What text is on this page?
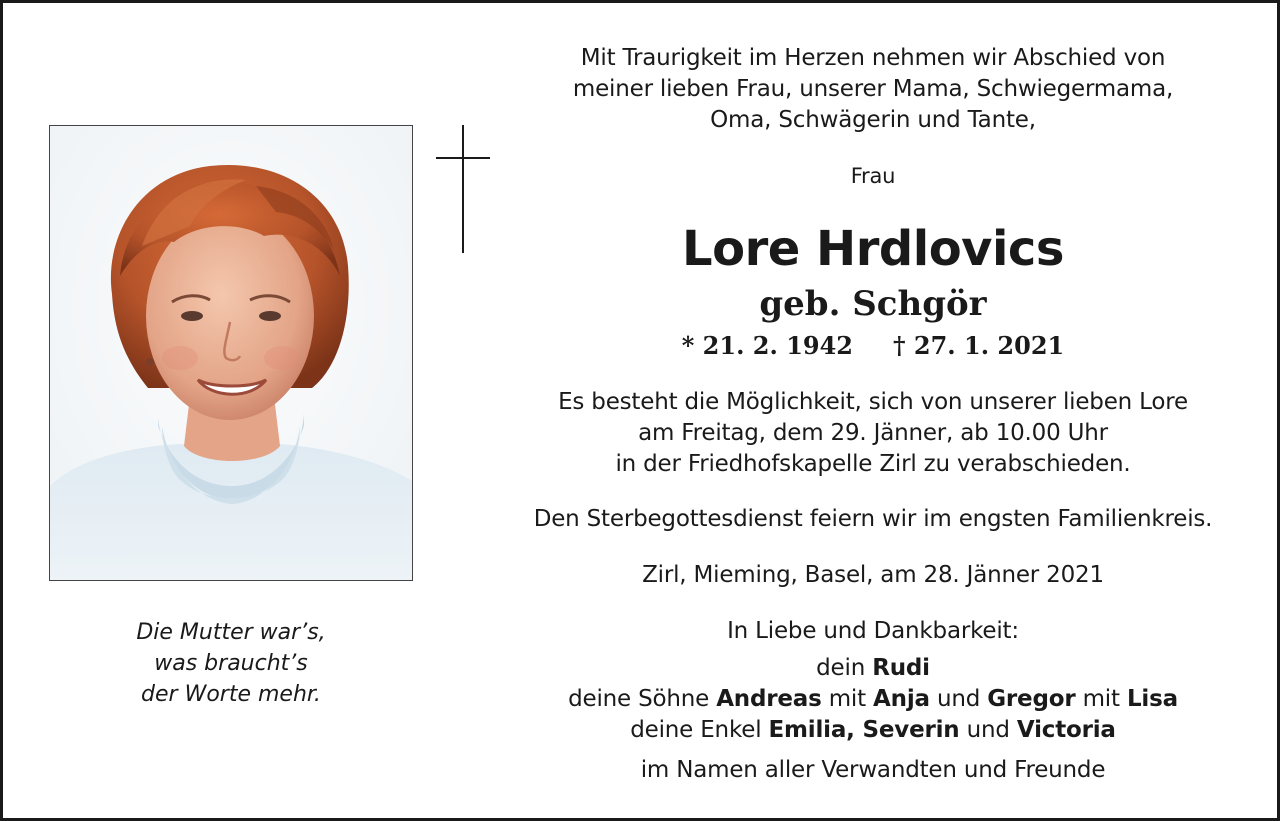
Mit Traurigkeit im Herzen nehmen wir Abschied von
meiner lieben Frau, unserer Mama, Schwiegermama,
Oma, Schwägerin und Tante,
Frau
Lore Hrdlovics
geb. Schgör
* 21. 2. 1942 † 27. 1. 2021
Es besteht die Möglichkeit, sich von unserer lieben Lore
am Freitag, dem 29. Jänner, ab 10.00 Uhr
in der Friedhofskapelle Zirl zu verabschieden.
Den Sterbegottesdienst feiern wir im engsten Familienkreis.
Zirl, Mieming, Basel, am 28. Jänner 2021
In Liebe und Dankbarkeit:
dein Rudi
deine Söhne Andreas mit Anja und Gregor mit Lisa
deine Enkel Emilia, Severin und Victoria
im Namen aller Verwandten und Freunde
Die Mutter war’s,
was braucht’s
der Worte mehr.
